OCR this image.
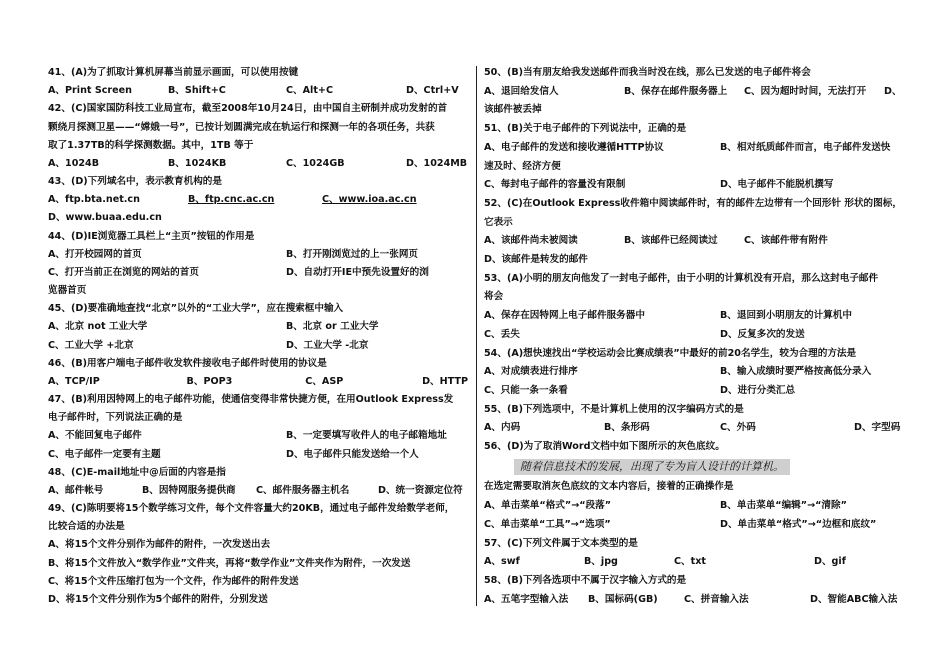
41、(A)为了抓取计算机屏幕当前显示画面，可以使用按键
A、Print Screen	B、Shift+C	C、Alt+C	D、Ctrl+V
42、(C)国家国防科技工业局宣布，截至2008年10月24日，由中国自主研制并成功发射的首
颗绕月探测卫星——“嫦娥一号”，已按计划圆满完成在轨运行和探测一年的各项任务，共获
取了1.37TB的科学探测数据。其中，1TB 等于
A、1024B	B、1024KB	C、1024GB	D、1024MB
43、(D)下列域名中，表示教育机构的是
A、ftp.bta.net.cn	B、ftp.cnc.ac.cn	C、www.ioa.ac.cn
D、www.buaa.edu.cn
44、(D)IE浏览器工具栏上“主页”按钮的作用是
A、打开校园网的首页	B、打开刚浏览过的上一张网页
C、打开当前正在浏览的网站的首页	D、自动打开IE中预先设置好的浏
览器首页
45、(D)要准确地查找“北京”以外的“工业大学”，应在搜索框中输入
A、北京 not 工业大学	B、北京 or 工业大学
C、工业大学 +北京	D、工业大学 -北京
46、(B)用客户端电子邮件收发软件接收电子邮件时使用的协议是
A、TCP/IP	B、POP3	C、ASP	D、HTTP
47、(B)利用因特网上的电子邮件功能，使通信变得非常快捷方便，在用Outlook Express发
电子邮件时，下列说法正确的是
A、不能回复电子邮件	B、一定要填写收件人的电子邮箱地址
C、电子邮件一定要有主题	D、电子邮件只能发送给一个人
48、(C)E-mail地址中@后面的内容是指
A、邮件帐号	B、因特网服务提供商	C、邮件服务器主机名	D、统一资源定位符
49、(C)陈明要将15个数学练习文件，每个文件容量大约20KB，通过电子邮件发给数学老师，
比较合适的办法是
A、将15个文件分别作为邮件的附件，一次发送出去
B、将15个文件放入“数学作业”文件夹，再将“数学作业”文件夹作为附件，一次发送
C、将15个文件压缩打包为一个文件，作为邮件的附件发送
D、将15个文件分别作为5个邮件的附件，分别发送
50、(B)当有朋友给我发送邮件而我当时没在线，那么已发送的电子邮件将会
A、退回给发信人	B、保存在邮件服务器上	C、因为超时时间，无法打开	D、
该邮件被丢掉
51、(B)关于电子邮件的下列说法中，正确的是
A、电子邮件的发送和接收遵循HTTP协议	B、相对纸质邮件而言，电子邮件发送快
速及时、经济方便
C、每封电子邮件的容量没有限制	D、电子邮件不能脱机撰写
52、(C)在Outlook Express收件箱中阅读邮件时，有的邮件左边带有一个回形针 形状的图标，
它表示
A、该邮件尚未被阅读	B、该邮件已经阅读过	C、该邮件带有附件
D、该邮件是转发的邮件
53、(A)小明的朋友向他发了一封电子邮件，由于小明的计算机没有开启，那么这封电子邮件
将会
A、保存在因特网上电子邮件服务器中	B、退回到小明朋友的计算机中
C、丢失	D、反复多次的发送
54、(A)想快速找出“学校运动会比赛成绩表”中最好的前20名学生，较为合理的方法是
A、对成绩表进行排序	B、输入成绩时要严格按高低分录入
C、只能一条一条看	D、进行分类汇总
55、(B)下列选项中，不是计算机上使用的汉字编码方式的是
A、内码	B、条形码	C、外码	D、字型码
56、(D)为了取消Word文档中如下图所示的灰色底纹。
随着信息技术的发展，出现了专为盲人设计的计算机。
在选定需要取消灰色底纹的文本内容后，接着的正确操作是
A、单击菜单“格式”→“段落”	B、单击菜单“编辑”→“清除”
C、单击菜单“工具”→“选项”	D、单击菜单“格式”→“边框和底纹”
57、(C)下列文件属于文本类型的是
A、swf	B、jpg	C、txt	D、gif
58、(B)下列各选项中不属于汉字输入方式的是
A、五笔字型输入法	B、国标码(GB)	C、拼音输入法	D、智能ABC输入法
